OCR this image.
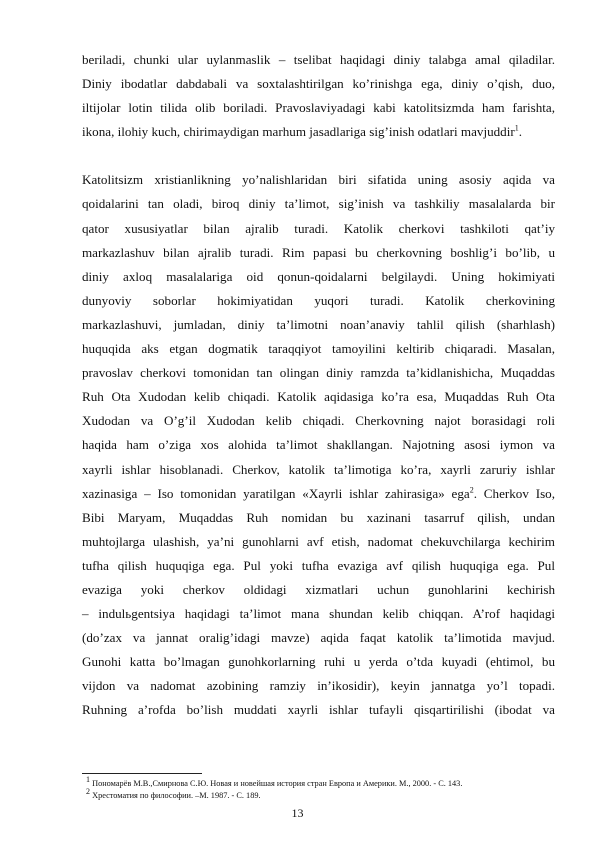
beriladi, chunki ular uylanmaslik – tselibat haqidagi diniy talabga amal qiladilar.
Diniy ibodatlar dabdabali va soxtalashtirilgan ko’rinishga ega, diniy o’qish, duo,
iltijolar lotin tilida olib boriladi. Pravoslaviyadagi kabi katolitsizmda ham farishta,
ikona, ilohiy kuch, chirimaydigan marhum jasadlariga sig’inish odatlari mavjuddir$^1$.

Katolitsizm xristianlikning yo’nalishlaridan biri sifatida uning asosiy aqida va
qoidalarini tan oladi, biroq diniy ta’limot, sig’inish va tashkiliy masalalarda bir
qator xususiyatlar bilan ajralib turadi. Katolik cherkovi tashkiloti qat’iy
markazlashuv bilan ajralib turadi. Rim papasi bu cherkovning boshlig’i bo’lib, u
diniy axloq masalalariga oid qonun-qoidalarni belgilaydi. Uning hokimiyati
dunyoviy soborlar hokimiyatidan yuqori turadi. Katolik cherkovining
markazlashuvi, jumladan, diniy ta’limotni noan’anaviy tahlil qilish (sharhlash)
huquqida aks etgan dogmatik taraqqiyot tamoyilini keltirib chiqaradi. Masalan,
pravoslav cherkovi tomonidan tan olingan diniy ramzda ta’kidlanishicha, Muqaddas
Ruh Ota Xudodan kelib chiqadi. Katolik aqidasiga ko’ra esa, Muqaddas Ruh Ota
Xudodan va O’g’il Xudodan kelib chiqadi. Cherkovning najot borasidagi roli
haqida ham o’ziga xos alohida ta’limot shakllangan. Najotning asosi iymon va
xayrli ishlar hisoblanadi. Cherkov, katolik ta’limotiga ko’ra, xayrli zaruriy ishlar
xazinasiga – Iso tomonidan yaratilgan «Xayrli ishlar zahirasiga» ega$^2$. Cherkov Iso,
Bibi Maryam, Muqaddas Ruh nomidan bu xazinani tasarruf qilish, undan
muhtojlarga ulashish, ya’ni gunohlarni avf etish, nadomat chekuvchilarga kechirim
tufha qilish huquqiga ega. Pul yoki tufha evaziga avf qilish huquqiga ega. Pul
evaziga yoki cherkov oldidagi xizmatlari uchun gunohlarini kechirish
– indulьgentsiya haqidagi ta’limot mana shundan kelib chiqqan. A’rof haqidagi
(do’zax va jannat oralig’idagi mavze) aqida faqat katolik ta’limotida mavjud.
Gunohi katta bo’lmagan gunohkorlarning ruhi u yerda o’tda kuyadi (ehtimol, bu
vijdon va nadomat azobining ramziy in’ikosidir), keyin jannatga yo’l topadi.
Ruhning a’rofda bo’lish muddati xayrli ishlar tufayli qisqartirilishi (ibodat va

$^1$ Пономарёв М.В.,Смирнова С.Ю. Новая и новейшая история стран Европа и Америки. М., 2000. - С. 143.
$^2$ Хрестоматия по философии. –М. 1987. - С. 189.
13
